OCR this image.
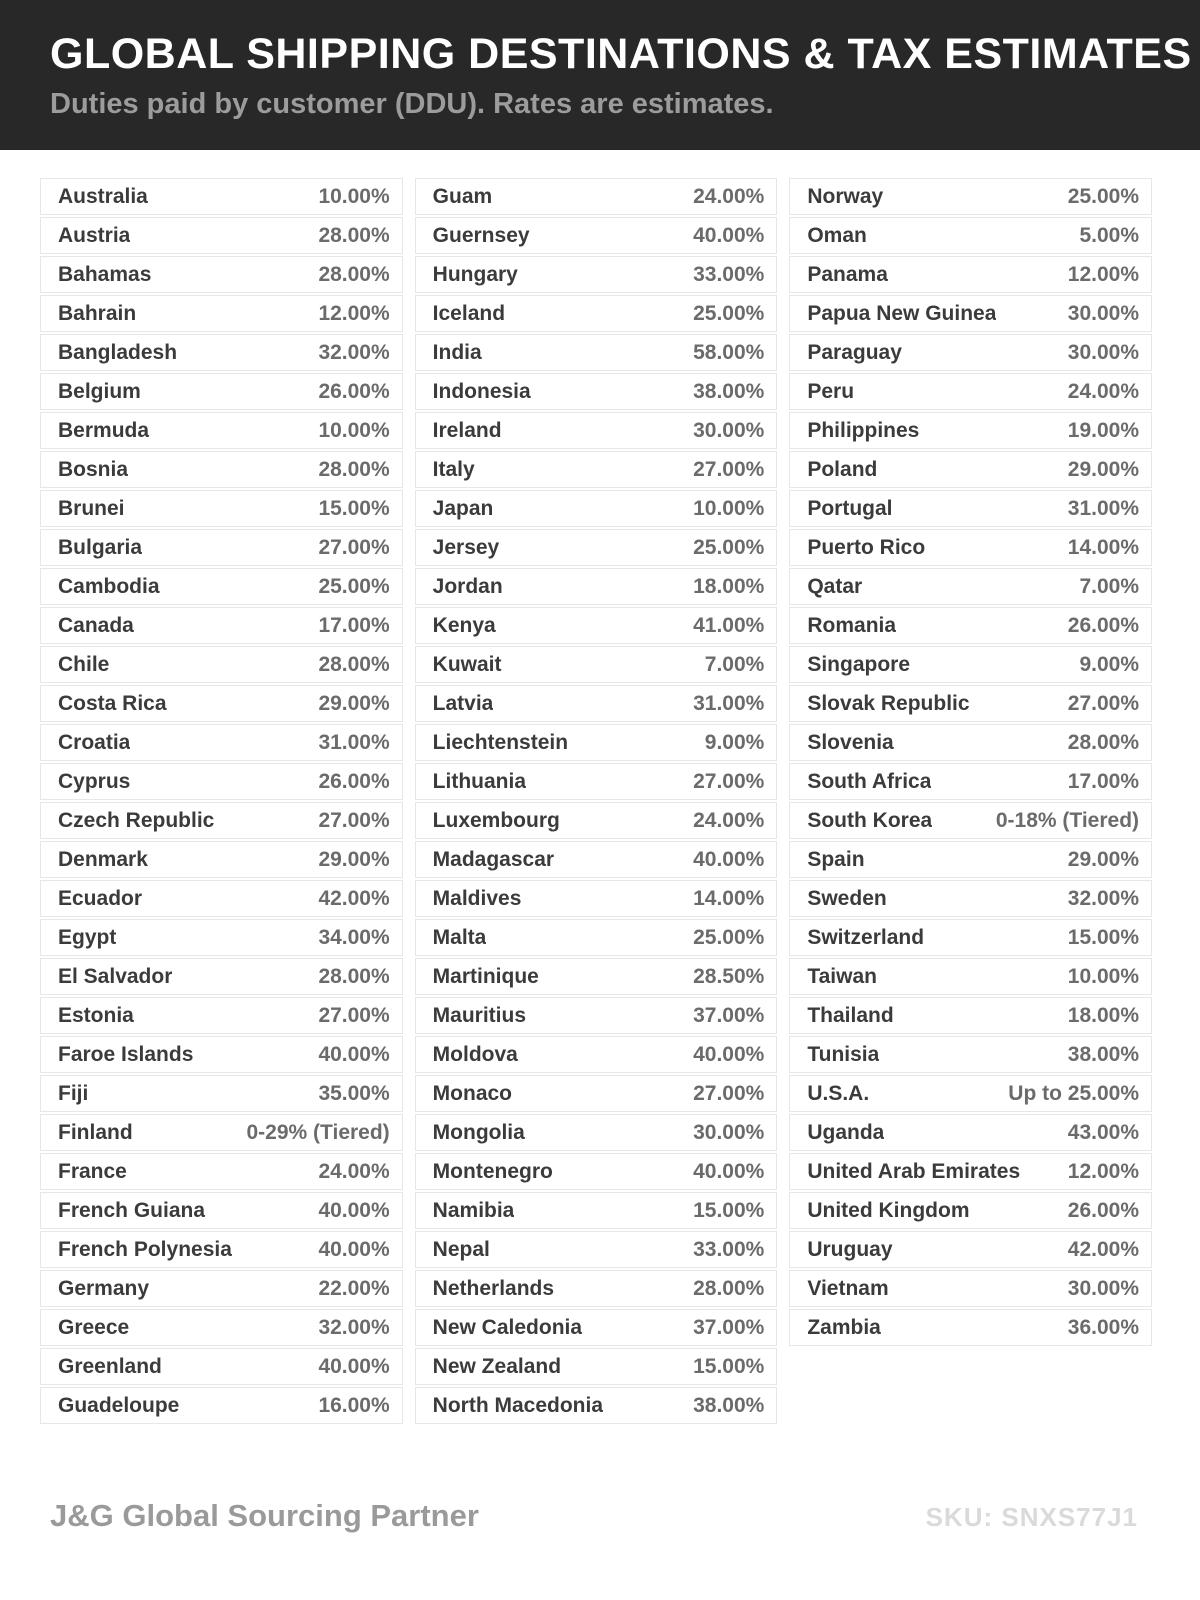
GLOBAL SHIPPING DESTINATIONS & TAX ESTIMATES
Duties paid by customer (DDU). Rates are estimates.
Australia	10.00%
Austria	28.00%
Bahamas	28.00%
Bahrain	12.00%
Bangladesh	32.00%
Belgium	26.00%
Bermuda	10.00%
Bosnia	28.00%
Brunei	15.00%
Bulgaria	27.00%
Cambodia	25.00%
Canada	17.00%
Chile	28.00%
Costa Rica	29.00%
Croatia	31.00%
Cyprus	26.00%
Czech Republic	27.00%
Denmark	29.00%
Ecuador	42.00%
Egypt	34.00%
El Salvador	28.00%
Estonia	27.00%
Faroe Islands	40.00%
Fiji	35.00%
Finland	0-29% (Tiered)
France	24.00%
French Guiana	40.00%
French Polynesia	40.00%
Germany	22.00%
Greece	32.00%
Greenland	40.00%
Guadeloupe	16.00%
Guam	24.00%
Guernsey	40.00%
Hungary	33.00%
Iceland	25.00%
India	58.00%
Indonesia	38.00%
Ireland	30.00%
Italy	27.00%
Japan	10.00%
Jersey	25.00%
Jordan	18.00%
Kenya	41.00%
Kuwait	7.00%
Latvia	31.00%
Liechtenstein	9.00%
Lithuania	27.00%
Luxembourg	24.00%
Madagascar	40.00%
Maldives	14.00%
Malta	25.00%
Martinique	28.50%
Mauritius	37.00%
Moldova	40.00%
Monaco	27.00%
Mongolia	30.00%
Montenegro	40.00%
Namibia	15.00%
Nepal	33.00%
Netherlands	28.00%
New Caledonia	37.00%
New Zealand	15.00%
North Macedonia	38.00%
Norway	25.00%
Oman	5.00%
Panama	12.00%
Papua New Guinea	30.00%
Paraguay	30.00%
Peru	24.00%
Philippines	19.00%
Poland	29.00%
Portugal	31.00%
Puerto Rico	14.00%
Qatar	7.00%
Romania	26.00%
Singapore	9.00%
Slovak Republic	27.00%
Slovenia	28.00%
South Africa	17.00%
South Korea	0-18% (Tiered)
Spain	29.00%
Sweden	32.00%
Switzerland	15.00%
Taiwan	10.00%
Thailand	18.00%
Tunisia	38.00%
U.S.A.	Up to 25.00%
Uganda	43.00%
United Arab Emirates 12.00%
United Kingdom	26.00%
Uruguay	42.00%
Vietnam	30.00%
Zambia	36.00%
J&G Global Sourcing Partner	SKU: SNXS77J1
